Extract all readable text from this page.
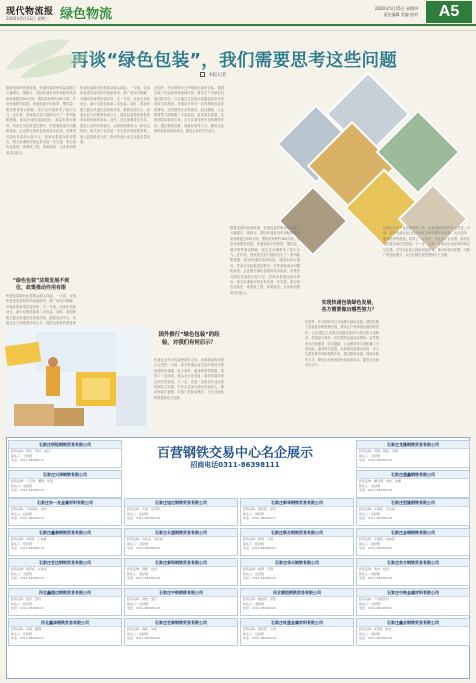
现代物流报
2020年5月13日 星期三 绿色物流	2020年5月15日 星期四
责任编辑 美编 校对	A5
再谈“绿色包装”，我们需要思考这些问题
本报记者
随着电商的快速发展，快递包装的使用量也随之大幅增长。据统计，我国快递业每年消耗的纸类废弃物超过900万吨、塑料废弃物约180万吨，并呈快速增长趋势。快递包装中的胶带、塑料袋、填充物等难以降解，给生态环境带来了较大压力。近年来，国家相关部门陆续出台了一系列政策措施，推动快递包装绿色化、减量化和可循环。然而在实际推进过程中，仍然面临诸多问题和挑战。企业推行绿色包装的成本较高，消费者对绿色包装的认知不足，回收体系建设相对滞后，相关标准和法规也有待进一步完善。推行绿色包装是一项系统工程，需要政府、企业和消费者共同参与。
“绿色包装”法规发展不到位，政策推动作用有限
快递包装绿色化需要从源头抓起。一方面，应加快推进包装材料的创新研发，推广使用可降解、可循环的新型包装材料；另一方面，应优化包装设计，减少过度包装和二次包装。同时，要加快建立健全快递包装回收体系，鼓励电商平台、快递企业与消费者形成合力，提高包装物的重复使
快递包装绿色化需要从源头抓起。一方面，应加快推进包装材料的创新研发，推广使用可降解、可循环的新型包装材料；另一方面，应优化包装设计，减少过度包装和二次包装。同时，要加快建立健全快递包装回收体系，鼓励电商平台、快递企业与消费者形成合力，提高包装物的重复使用率和回收利用率。此外，还应加强宣传引导，提高公众的环保意识，让绿色消费成为一种社会风尚。相关部门也应进一步完善法规标准体系，加大监督检查力度，推动快递行业实现高质量发展。
在国外，许多国家早已开始推行绿色包装。德国实施了包装废弃物管理法规，要求生产者承担包装回收责任；日本通过立法推动容器包装的分类回收与再利用；美国部分州对一次性塑料包装征收费用。这些国家在法规建设、经济激励、公众教育等方面积累了丰富经验，值得我们借鉴。从我国实际情况出发，应当注重发挥市场机制的作用，通过税收优惠、财政补贴等方式，降低企业使用绿色包装的成本，激发企业的内生动力。
国外推行“绿色包装”的经验，对我们有何启示？
快递企业作为包装使用的主体，应承担起相应的社会责任。目前，部分快递企业已经开始试点使用循环快递箱、电子面单、瘦身胶带等措施，取得了一定成效。但从全行业来看，绿色包装的普及率仍然较低。下一步，应进一步推动行业标准的制定与实施，引导企业加大绿色包装投入，推动形成可复制、可推广的经验模式，为行业绿色转型提供有力支撑。
实现快递包装绿色发展，各方需要做出哪些努力？
随着电商的快速发展，快递包装的使用量也随之大幅增长。据统计，我国快递业每年消耗的纸类废弃物超过900万吨、塑料废弃物约180万吨，并呈快速增长趋势。快递包装中的胶带、塑料袋、填充物等难以降解，给生态环境带来了较大压力。近年来，国家相关部门陆续出台了一系列政策措施，推动快递包装绿色化、减量化和可循环。然而在实际推进过程中，仍然面临诸多问题和挑战。企业推行绿色包装的成本较高，消费者对绿色包装的认知不足，回收体系建设相对滞后，相关标准和法规也有待进一步完善。推行绿色包装是一项系统工程，需要政府、企业和消费者共同参与。
在国外，许多国家早已开始推行绿色包装。德国实施了包装废弃物管理法规，要求生产者承担包装回收责任；日本通过立法推动容器包装的分类回收与再利用；美国部分州对一次性塑料包装征收费用。这些国家在法规建设、经济激励、公众教育等方面积累了丰富经验，值得我们借鉴。从我国实际情况出发，应当注重发挥市场机制的作用，通过税收优惠、财政补贴等方式，降低企业使用绿色包装的成本，激发企业的内生动力。
快递企业作为包装使用的主体，应承担起相应的社会责任。目前，部分快递企业已经开始试点使用循环快递箱、电子面单、瘦身胶带等措施，取得了一定成效。但从全行业来看，绿色包装的普及率仍然较低。下一步，应进一步推动行业标准的制定与实施，引导企业加大绿色包装投入，推动形成可复制、可推广的经验模式，为行业绿色转型提供有力支撑。
百营钢铁交易中心名企展示
招商电话0311-86398111
石家庄明钰钢铁贸易有限公司
经营品种：型材、管材、板材
联系人：王经理
电话：0311-86398111
石家庄龙隆钢铁贸易有限公司
经营品种：带钢、钢管、型钢
联系人：李经理
电话：0311-86398112
石家庄兴涛钢铁有限公司
经营品种：工字钢、槽钢、角钢
联系人：刘经理
电话：0311-86398113
石家庄盛鑫钢铁有限公司
经营品种：螺纹钢、线材、盘螺
联系人：张经理
电话：0311-86398114
石家庄东一友金属材料有限公司
经营品种：不锈钢板、卷材
联系人：赵经理
电话：0311-86398115
石家庄旭达钢铁贸易有限公司
经营品种：方管、矩形管
联系人：孙经理
电话：0311-86398116
石家庄新华钢铁贸易有限公司
经营品种：镀锌管、焊管
联系人：周经理
电话：0311-86398117
石家庄恒隆钢铁有限公司
经营品种：中厚板、花纹板
联系人：吴经理
电话：0311-86398118
石家庄鑫泰钢铁贸易有限公司
经营品种：H型钢、工角槽
联系人：郑经理
电话：0311-86398119
石家庄永盛钢铁贸易有限公司
经营品种：冷轧板、热轧板
联系人：冯经理
电话：0311-86398120
石家庄联合钢铁贸易有限公司
经营品种：圆钢、方钢
联系人：陈经理
电话：0311-86398121
石家庄金瑞钢铁有限公司
经营品种：无缝管、结构管
联系人：褚经理
电话：0311-86398122
石家庄宏达钢铁贸易有限公司
经营品种：镀锌板、彩涂板
联系人：卫经理
电话：0311-86398123
石家庄泰和钢铁贸易有限公司
经营品种：钢筋、线材
联系人：蒋经理
电话：0311-86398124
石家庄华兴钢铁有限公司
经营品种：扁钢、带钢
联系人：沈经理
电话：0311-86398125
石家庄东方钢铁贸易有限公司
经营品种：型材、板材
联系人：韩经理
电话：0311-86398126
河北鑫煜达钢铁贸易有限公司
经营品种：管材、型材
联系人：杨经理
电话：0311-86398127
石家庄中铁钢铁有限公司
经营品种：钢轨、道钉
联系人：朱经理
电话：0311-86398128
河北顺恒钢铁贸易有限公司
经营品种：螺旋管、焊管
联系人：秦经理
电话：0311-86398129
石家庄中铁金属材料有限公司
经营品种：不锈钢管材
联系人：尤经理
电话：0311-86398130
河北鑫泽钢铁贸易有限公司
经营品种：角钢、槽钢
联系人：许经理
电话：0311-86398131
石家庄宏泰钢铁贸易有限公司
经营品种：钢板、卷板
联系人：何经理
电话：0311-86398132
石家庄旺盛金属材料有限公司
经营品种：镀锌管、方管
联系人：吕经理
电话：0311-86398133
石家庄鑫业钢铁贸易有限公司
经营品种：H型钢、板材
联系人：施经理
电话：0311-86398134
